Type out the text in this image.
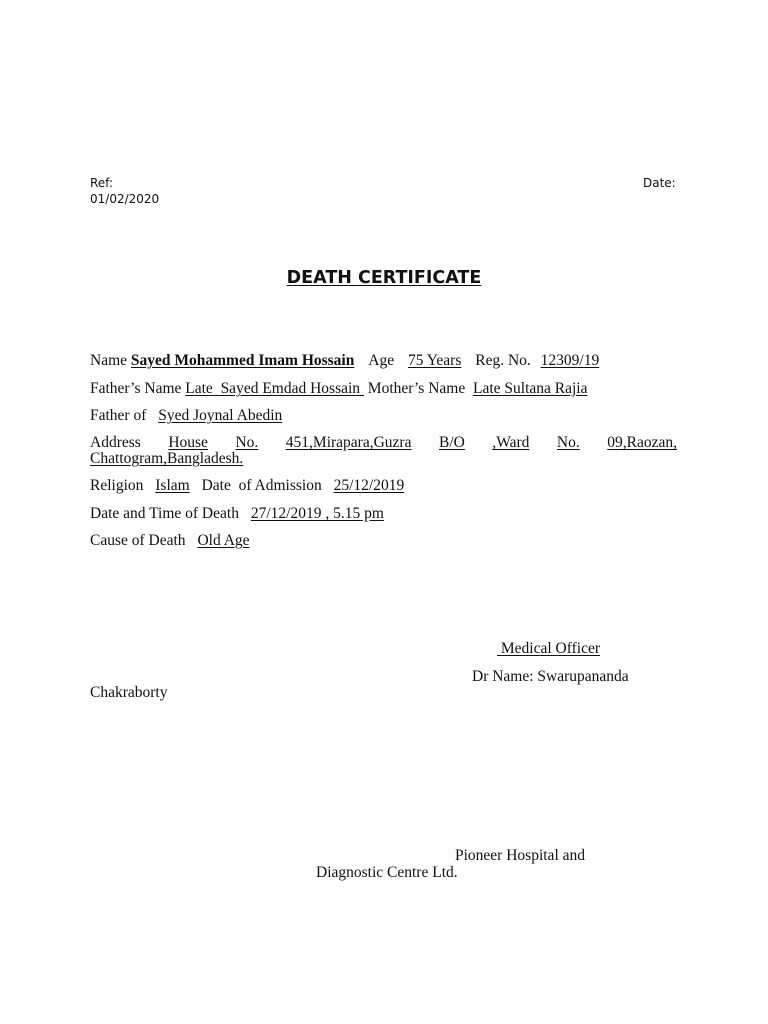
Ref:	Date:
01/02/2020
DEATH CERTIFICATE
Name Sayed Mohammed Imam Hossain Age 75 Years Reg. No. 12309/19
Father’s Name Late  Sayed Emdad Hossain  Mother’s Name Late Sultana Rajia
Father of Syed Joynal Abedin
Address House No. 451,Mirapara,Guzra B/O ,Ward No. 09,Raozan,
Chattogram,Bangladesh.
Religion Islam Date  of Admission 25/12/2019
Date and Time of Death 27/12/2019 , 5.15 pm
Cause of Death Old Age
Medical Officer
Dr Name: Swarupananda
Chakraborty
Pioneer Hospital and
Diagnostic Centre Ltd.
